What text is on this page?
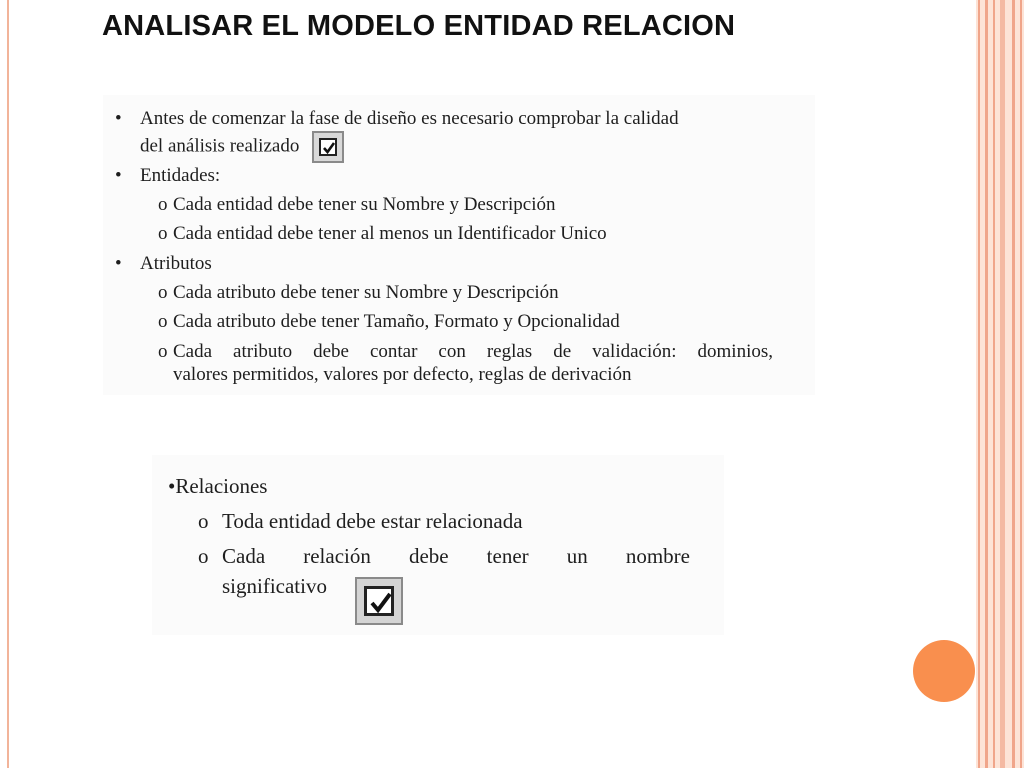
ANALISAR EL MODELO ENTIDAD RELACION
• Antes de comenzar la fase de diseño es necesario comprobar la calidad
del análisis realizado
• Entidades:
o Cada entidad debe tener su Nombre y Descripción
o Cada entidad debe tener al menos un Identificador Unico
• Atributos
o Cada atributo debe tener su Nombre y Descripción
o Cada atributo debe tener Tamaño, Formato y Opcionalidad
o Cada atributo debe contar con reglas de validación: dominios,
valores permitidos, valores por defecto, reglas de derivación
•Relaciones
o Toda entidad debe estar relacionada
o Cada relación debe tener un nombre
significativo
